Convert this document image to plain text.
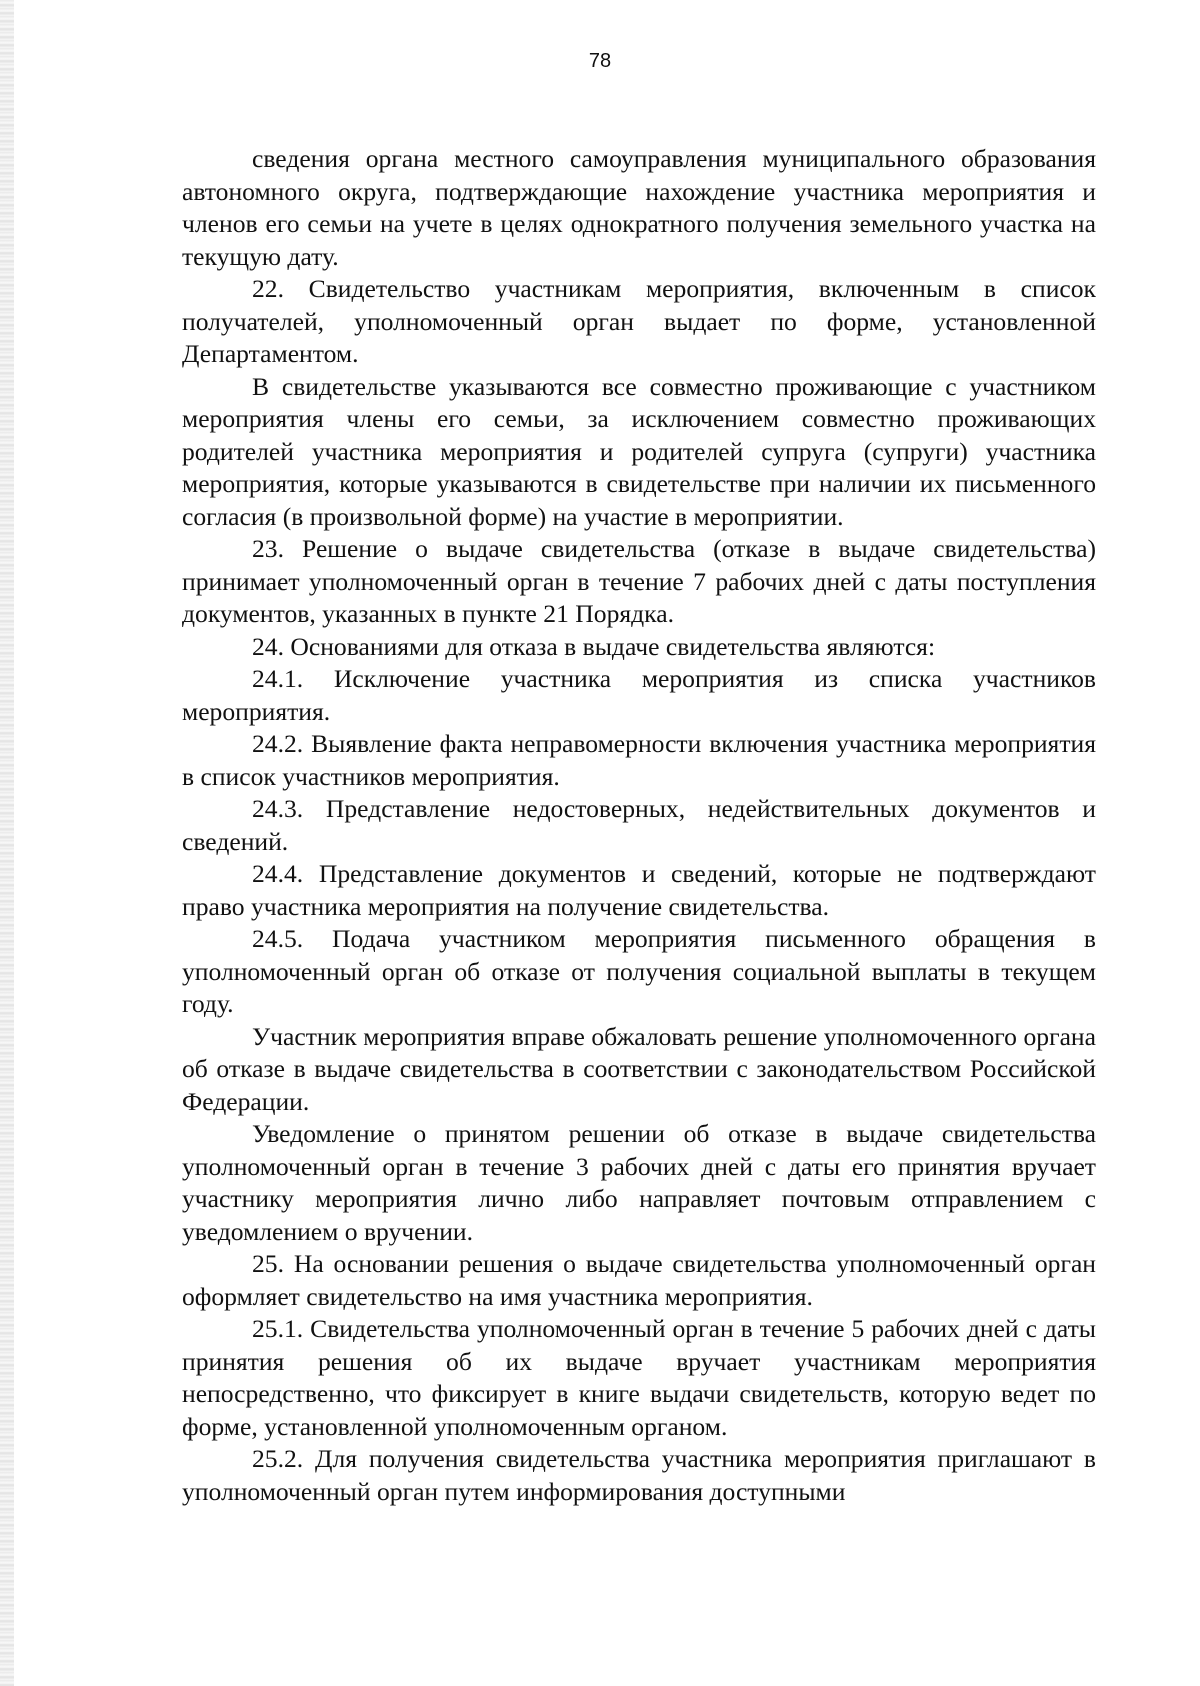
78

сведения органа местного самоуправления муниципального образования автономного округа, подтверждающие нахождение участника мероприятия и членов его семьи на учете в целях однократного получения земельного участка на текущую дату.

22. Свидетельство участникам мероприятия, включенным в список получателей, уполномоченный орган выдает по форме, установленной Департаментом.

В свидетельстве указываются все совместно проживающие с участником мероприятия члены его семьи, за исключением совместно проживающих родителей участника мероприятия и родителей супруга (супруги) участника мероприятия, которые указываются в свидетельстве при наличии их письменного согласия (в произвольной форме) на участие в мероприятии.

23. Решение о выдаче свидетельства (отказе в выдаче свидетельства) принимает уполномоченный орган в течение 7 рабочих дней с даты поступления документов, указанных в пункте 21 Порядка.

24. Основаниями для отказа в выдаче свидетельства являются:

24.1. Исключение участника мероприятия из списка участников мероприятия.

24.2. Выявление факта неправомерности включения участника мероприятия в список участников мероприятия.

24.3. Представление недостоверных, недействительных документов и сведений.

24.4. Представление документов и сведений, которые не подтверждают право участника мероприятия на получение свидетельства.

24.5. Подача участником мероприятия письменного обращения в уполномоченный орган об отказе от получения социальной выплаты в текущем году.

Участник мероприятия вправе обжаловать решение уполномоченного органа об отказе в выдаче свидетельства в соответствии с законодательством Российской Федерации.

Уведомление о принятом решении об отказе в выдаче свидетельства уполномоченный орган в течение 3 рабочих дней с даты его принятия вручает участнику мероприятия лично либо направляет почтовым отправлением с уведомлением о вручении.

25. На основании решения о выдаче свидетельства уполномоченный орган оформляет свидетельство на имя участника мероприятия.

25.1. Свидетельства уполномоченный орган в течение 5 рабочих дней с даты принятия решения об их выдаче вручает участникам мероприятия непосредственно, что фиксирует в книге выдачи свидетельств, которую ведет по форме, установленной уполномоченным органом.

25.2. Для получения свидетельства участника мероприятия приглашают в уполномоченный орган путем информирования доступными
